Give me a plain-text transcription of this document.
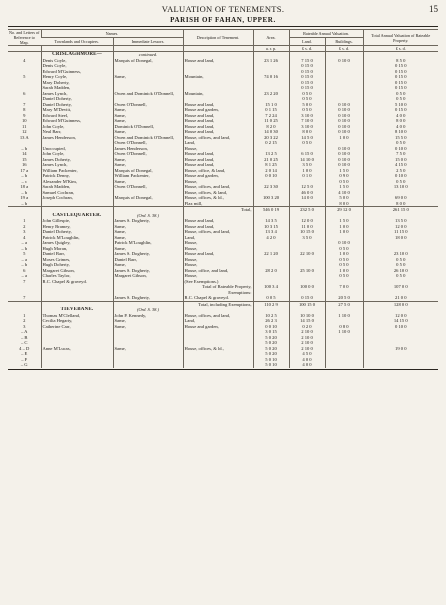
VALUATION OF TENEMENTS.	15
PARISH OF FAHAN, UPPER.
No. and Letters of Reference to Map.	Names.		Description of Tenement.	Area.	Rateable Annual Valuation.		Total Annual Valuation of Rateable Property.
	Townlands and Occupiers.	Immediate Lessors.			Land.	Buildings.	
				a. r. p.	£ s. d.	£ s. d.	£ s. d.
	CRISLAGHMORE—	continued.					
4	Denis Coyle,	Marquis of Donegal,	House and land,	23 1 26	7 15 0	0 10 0	8 5 0
	Denis Coyle,				0 15 0		0 15 0
	Edward M'Guinness,				0 15 0		0 15 0
5	Henry Coyle,	Same,	Mountain,	74 0 16	0 15 0		0 15 0
	Mary Doherty,				0 15 0		0 15 0
	Sarah Madden,				0 15 0		0 15 0
6	James Lynch,	Owen and Dominick O'Donnell,	Mountain,	23 2 20	0 5 0		0 5 0
	Daniel Doherty,				0 5 0		0 5 0
7	Daniel Doherty,	Owen O'Donnell,	House and land,	15 1 0	5 0 0	0 10 0	5 10 0
8	Mary M'Devitt,	Same,	House and garden,	0 1 15	0 5 0	0 10 0	0 15 0
9	Edward Steel,	Same,	House and land,	7 2 24	3 10 0	0 10 0	4 0 0
10	Edward M'Guinness,	Same,	House and land,	11 0 25	7 10 0	0 10 0	8 0 0
11	John Coyle,	Dominick O'Donnell,	House and land,	8 2 0	3 10 0	0 10 0	4 0 0
12	Neal Barr,	Same,	House and land,	14 0 30	8 0 0	0 10 0	8 10 0
13 A	James Henderson,	Owen and Dominick O'Donnell,	House, offices, and land,	20 3 22	14 5 0	1 0 0	15 5 0
		Owen O'Donnell,	Land,	0 2 15	0 5 0		0 5 0
– b	Unoccupied,	James Henderson,	House,			0 10 0	0 10 0
14	John Coyle,	Owen O'Donnell,	House and land,	13 2 5	6 15 0	0 10 0	7 5 0
15	James Doherty,	Same,	House and land,	21 0 25	14 10 0	0 10 0	15 0 0
16	James Lynch,	Same,	House and land,	8 1 25	3 5 0	0 10 0	4 15 0
17 a	William Packenter,	Marquis of Donegal,	House, office, & land,	2 0 14	1 0 0	1 5 0	2 5 0
– b	Patrick Denny,	William Packenter,	House and garden,	0 0 10	0 1 0	0 9 0	0 10 0
– c	Alexander M'Kim,	Same,	House,			0 5 0	0 5 0
18 a	Sarah Madden,	Owen O'Donnell,	House, offices, and land,	22 3 30	12 5 0	1 5 0	13 10 0
– b	Samuel Cochran,		House, offices, & land,		46 0 0	4 10 0	
19 a	Joseph Cochran,	Marquis of Donegal,	House, offices, & ld.,	100 3 20	14 0 0	5 0 0	69 0 0
– b			Flax mill,			8 0 0	8 0 0
			Total,	546 0 19	232 5 0	29 12 0	261 15 0
	CASTLEQUARTER.	(Ord. S. 38.)					
1	John Gillespie,	James S. Dogherty,	House and land,	14 3 5	12 0 0	1 5 0	13 5 0
2	Henry Bramey,	Same,	House and land,	10 3 15	11 0 0	1 0 0	12 0 0
3	Daniel Doherty,	Same,	House, offices, and land,	13 3 4	10 15 0	1 0 0	11 15 0
4	Patrick M'Loughlin,	Same,	Land,	4 2 0	3 5 0		18 0 0
– a	James Quigley,	Patrick M'Loughlin,	House,			0 10 0	
– b	Hugh Moran,	Same,	House,			0 5 0	
5	Daniel Barr,	James S. Dogherty,	House and land,	22 1 20	22 10 0	1 0 0	23 10 0
– a	Moses Grimes,	Daniel Barr,	House,			0 5 0	0 5 0
– b	Hugh Doherty,	Same,	House,			0 5 0	0 5 0
6	Margaret Gibson,	James S. Dogherty,	House, office, and land,	28 2 0	25 10 0	1 0 0	26 10 0
– a	Charles Taylor,	Margaret Gibson,	House,			0 5 0	0 5 0
7	R.C. Chapel & graveyd.		(See Exemptions.)				
			Total of Rateable Property,	100 3 4	100 0 0	7 0 0	107 0 0
			Exemptions:				
7		James S. Dogherty,	R.C. Chapel & graveyd.	0 0 5	0 15 0	20 5 0	21 0 0
			Total, including Exemptions,	110 2 9	100 15 0	27 5 0	128 0 0
	TIEVEBANE.	(Ord. S. 38.)					
1	Thomas M'Clelland,	John P. Kennedy,	House, offices, and land,	10 2 5	10 10 0	1 10 0	12 0 0
2	Cecilia Hegarty,	Same,	Land,	26 2 3	14 15 0		14 15 0
3	Catherine Carr,	Same,	House and garden,	0 0 10	0 2 0	0 8 0	0 10 0
– A				3 0 15	2 10 0	1 10 0	
– B				5 0 20	2 10 0		
– C				5 0 20	2 10 0		
4 – D	Anne M'Lucas,	Same,	House, offices, & ld.,	5 0 20	2 10 0		19 0 0
– E				5 0 20	4 5 0		
– F				5 0 10	4 0 0		
– G				5 0 10	4 0 0		
